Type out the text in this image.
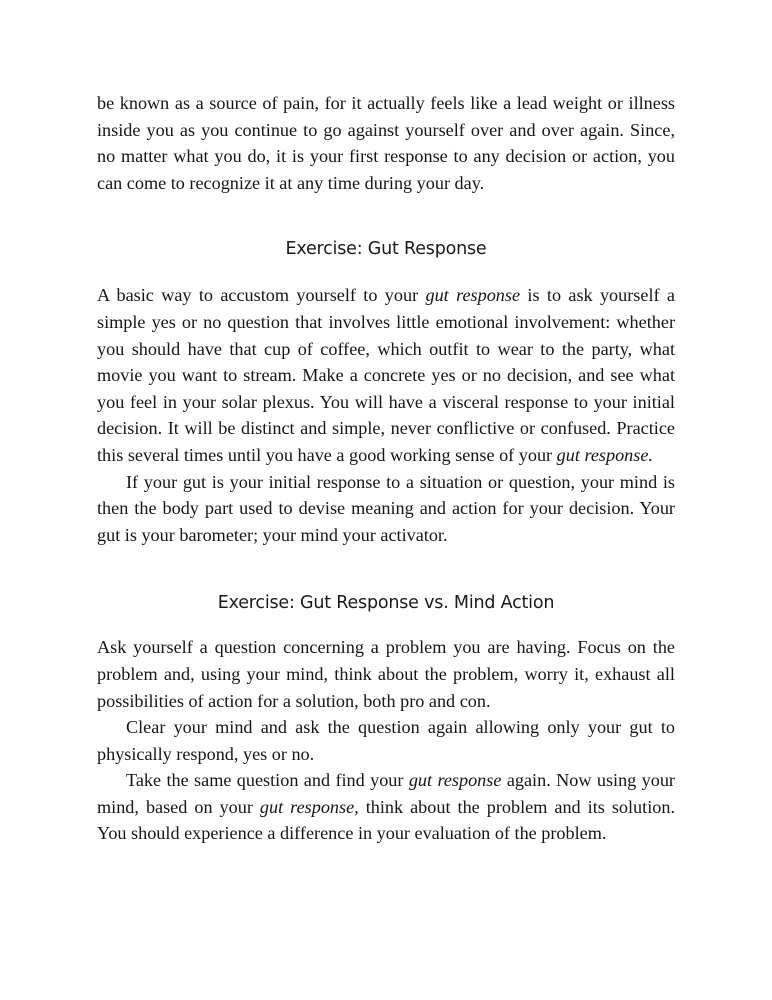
be known as a source of pain, for it actually feels like a lead weight or illness inside you as you continue to go against yourself over and over again. Since, no matter what you do, it is your first response to any decision or action, you can come to recognize it at any time during your day.

Exercise: Gut Response

A basic way to accustom yourself to your gut response is to ask yourself a simple yes or no question that involves little emotional involvement: whether you should have that cup of coffee, which outfit to wear to the party, what movie you want to stream. Make a concrete yes or no decision, and see what you feel in your solar plexus. You will have a visceral response to your initial decision. It will be distinct and simple, never conflictive or confused. Practice this several times until you have a good working sense of your gut response.

If your gut is your initial response to a situation or question, your mind is then the body part used to devise meaning and action for your decision. Your gut is your barometer; your mind your activator.

Exercise: Gut Response vs. Mind Action

Ask yourself a question concerning a problem you are having. Focus on the problem and, using your mind, think about the problem, worry it, exhaust all possibilities of action for a solution, both pro and con.

Clear your mind and ask the question again allowing only your gut to physically respond, yes or no.

Take the same question and find your gut response again. Now using your mind, based on your gut response, think about the problem and its solution. You should experience a difference in your evaluation of the problem.
